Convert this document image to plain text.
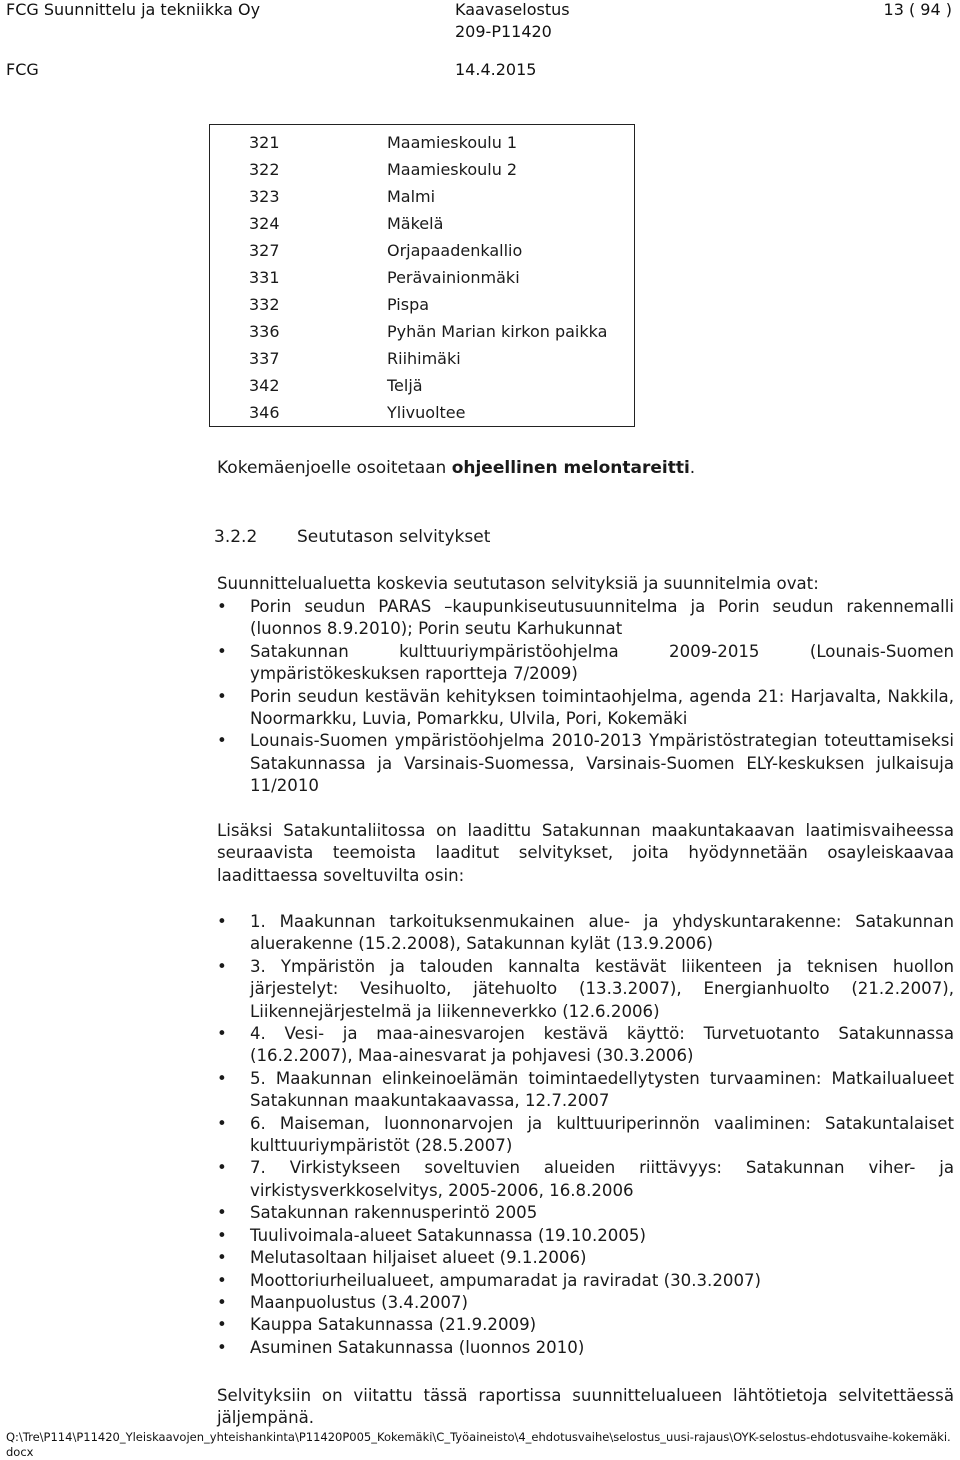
FCG Suunnittelu ja tekniikka Oy	Kaavaselostus	13 ( 94 )
209-P11420
FCG	14.4.2015
321	Maamieskoulu 1
322	Maamieskoulu 2
323	Malmi
324	Mäkelä
327	Orjapaadenkallio
331	Perävainionmäki
332	Pispa
336	Pyhän Marian kirkon paikka
337	Riihimäki
342	Teljä
346	Ylivuoltee
Kokemäenjoelle osoitetaan ohjeellinen melontareitti.
3.2.2 Seututason selvitykset
Suunnittelualuetta koskevia seututason selvityksiä ja suunnitelmia ovat:
• Porin seudun PARAS –kaupunkiseutusuunnitelma ja Porin seudun rakennemalli (luonnos 8.9.2010); Porin seutu Karhukunnat
• Satakunnan kulttuuriympäristöohjelma 2009-2015 (Lounais-Suomen ympäristökeskuksen raportteja 7/2009)
• Porin seudun kestävän kehityksen toimintaohjelma, agenda 21: Harjavalta, Nakkila, Noormarkku, Luvia, Pomarkku, Ulvila, Pori, Kokemäki
• Lounais-Suomen ympäristöohjelma 2010-2013 Ympäristöstrategian toteuttamiseksi Satakunnassa ja Varsinais-Suomessa, Varsinais-Suomen ELY-keskuksen julkaisuja 11/2010
Lisäksi Satakuntaliitossa on laadittu Satakunnan maakuntakaavan laatimisvaiheessa seuraavista teemoista laaditut selvitykset, joita hyödynnetään osayleiskaavaa laadittaessa soveltuvilta osin:
• 1. Maakunnan tarkoituksenmukainen alue- ja yhdyskuntarakenne: Satakunnan aluerakenne (15.2.2008), Satakunnan kylät (13.9.2006)
• 3. Ympäristön ja talouden kannalta kestävät liikenteen ja teknisen huollon järjestelyt: Vesihuolto, jätehuolto (13.3.2007), Energianhuolto (21.2.2007), Liikennejärjestelmä ja liikenneverkko (12.6.2006)
• 4. Vesi- ja maa-ainesvarojen kestävä käyttö: Turvetuotanto Satakunnassa (16.2.2007), Maa-ainesvarat ja pohjavesi (30.3.2006)
• 5. Maakunnan elinkeinoelämän toimintaedellytysten turvaaminen: Matkailualueet Satakunnan maakuntakaavassa, 12.7.2007
• 6. Maiseman, luonnonarvojen ja kulttuuriperinnön vaaliminen: Satakuntalaiset kulttuuriympäristöt (28.5.2007)
• 7. Virkistykseen soveltuvien alueiden riittävyys: Satakunnan viher- ja virkistysverkkoselvitys, 2005-2006, 16.8.2006
• Satakunnan rakennusperintö 2005
• Tuulivoimala-alueet Satakunnassa (19.10.2005)
• Melutasoltaan hiljaiset alueet (9.1.2006)
• Moottoriurheilualueet, ampumaradat ja raviradat (30.3.2007)
• Maanpuolustus (3.4.2007)
• Kauppa Satakunnassa (21.9.2009)
• Asuminen Satakunnassa (luonnos 2010)
Selvityksiin on viitattu tässä raportissa suunnittelualueen lähtötietoja selvitettäessä jäljempänä.
Q:\Tre\P114\P11420_Yleiskaavojen_yhteishankinta\P11420P005_Kokemäki\C_Työaineisto\4_ehdotusvaihe\selostus_uusi-rajaus\OYK-selostus-ehdotusvaihe-kokemäki.docx
